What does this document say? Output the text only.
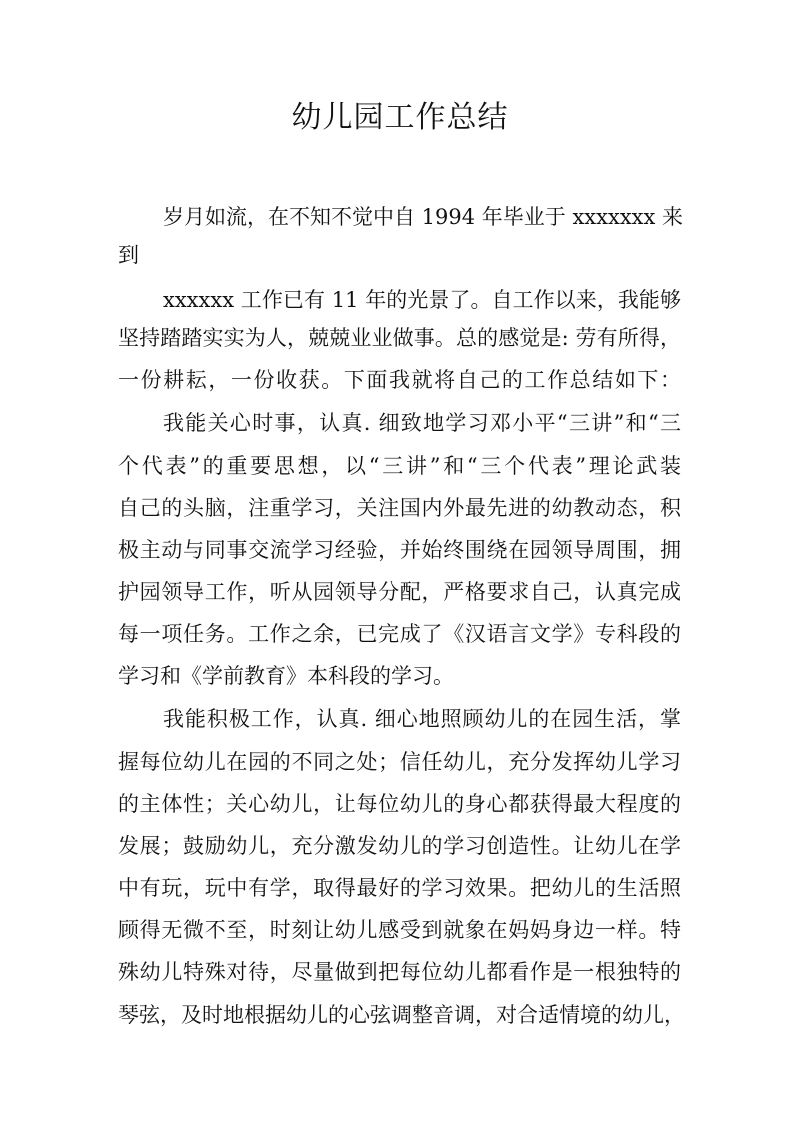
幼儿园工作总结
岁月如流，在不知不觉中自 1994 年毕业于 xxxxxxx 来
到
xxxxxx 工作已有 11 年的光景了。自工作以来，我能够
坚持踏踏实实为人，兢兢业业做事。总的感觉是: 劳有所得，
一份耕耘，一份收获。下面我就将自己的工作总结如下：
我能关心时事，认真. 细致地学习邓小平“三讲”和“三
个代表”的重要思想，以“三讲”和“三个代表”理论武装
自己的头脑，注重学习，关注国内外最先进的幼教动态，积
极主动与同事交流学习经验，并始终围绕在园领导周围，拥
护园领导工作，听从园领导分配，严格要求自己，认真完成
每一项任务。工作之余，已完成了《汉语言文学》专科段的
学习和《学前教育》本科段的学习。
我能积极工作，认真. 细心地照顾幼儿的在园生活，掌
握每位幼儿在园的不同之处；信任幼儿，充分发挥幼儿学习
的主体性；关心幼儿，让每位幼儿的身心都获得最大程度的
发展；鼓励幼儿，充分激发幼儿的学习创造性。让幼儿在学
中有玩，玩中有学，取得最好的学习效果。把幼儿的生活照
顾得无微不至，时刻让幼儿感受到就象在妈妈身边一样。特
殊幼儿特殊对待，尽量做到把每位幼儿都看作是一根独特的
琴弦，及时地根据幼儿的心弦调整音调，对合适情境的幼儿，
